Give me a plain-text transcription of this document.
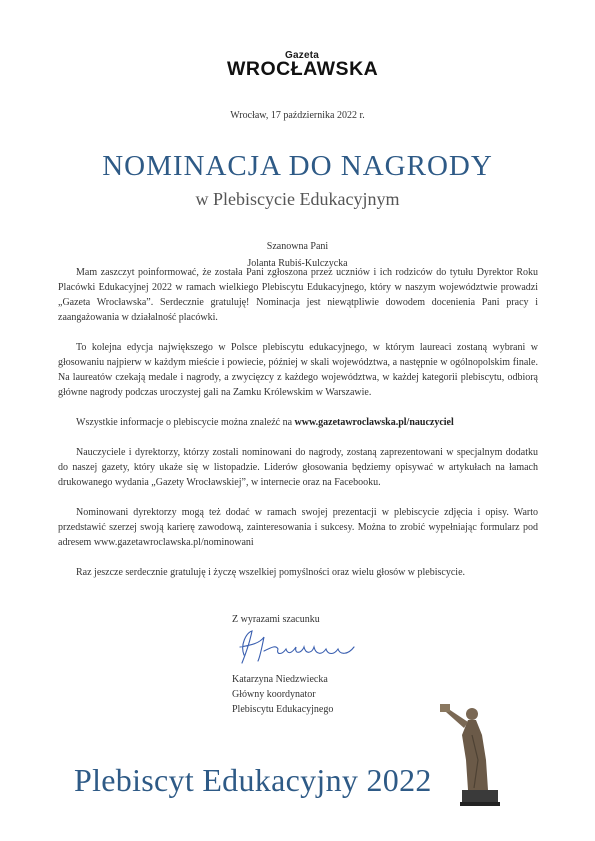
Gazeta
WROCŁAWSKA
Wrocław, 17 października 2022 r.
NOMINACJA DO NAGRODY
w Plebiscycie Edukacyjnym
Szanowna Pani
Jolanta Rubiś-Kulczycka

Mam zaszczyt poinformować, że została Pani zgłoszona przez uczniów i ich rodziców do tytułu Dyrektor Roku Placówki Edukacyjnej 2022 w ramach wielkiego Plebiscytu Edukacyjnego, który w naszym województwie prowadzi „Gazeta Wrocławska”. Serdecznie gratuluję! Nominacja jest niewątpliwie dowodem docenienia Pani pracy i zaangażowania w działalność placówki.

To kolejna edycja największego w Polsce plebiscytu edukacyjnego, w którym laureaci zostaną wybrani w głosowaniu najpierw w każdym mieście i powiecie, później w skali województwa, a następnie w ogólnopolskim finale. Na laureatów czekają medale i nagrody, a zwycięzcy z każdego województwa, w każdej kategorii plebiscytu, odbiorą główne nagrody podczas uroczystej gali na Zamku Królewskim w Warszawie.

Wszystkie informacje o plebiscycie można znaleźć na www.gazetawroclawska.pl/nauczyciel

Nauczyciele i dyrektorzy, którzy zostali nominowani do nagrody, zostaną zaprezentowani w specjalnym dodatku do naszej gazety, który ukaże się w listopadzie. Liderów głosowania będziemy opisywać w artykułach na łamach drukowanego wydania „Gazety Wrocławskiej”, w internecie oraz na Facebooku.

Nominowani dyrektorzy mogą też dodać w ramach swojej prezentacji w plebiscycie zdjęcia i opisy. Warto przedstawić szerzej swoją karierę zawodową, zainteresowania i sukcesy. Można to zrobić wypełniając formularz pod adresem www.gazetawroclawska.pl/nominowani

Raz jeszcze serdecznie gratuluję i życzę wszelkiej pomyślności oraz wielu głosów w plebiscycie.

Z wyrazami szacunku
Katarzyna Niedzwiecka
Główny koordynator
Plebiscytu Edukacyjnego
Plebiscyt Edukacyjny 2022
